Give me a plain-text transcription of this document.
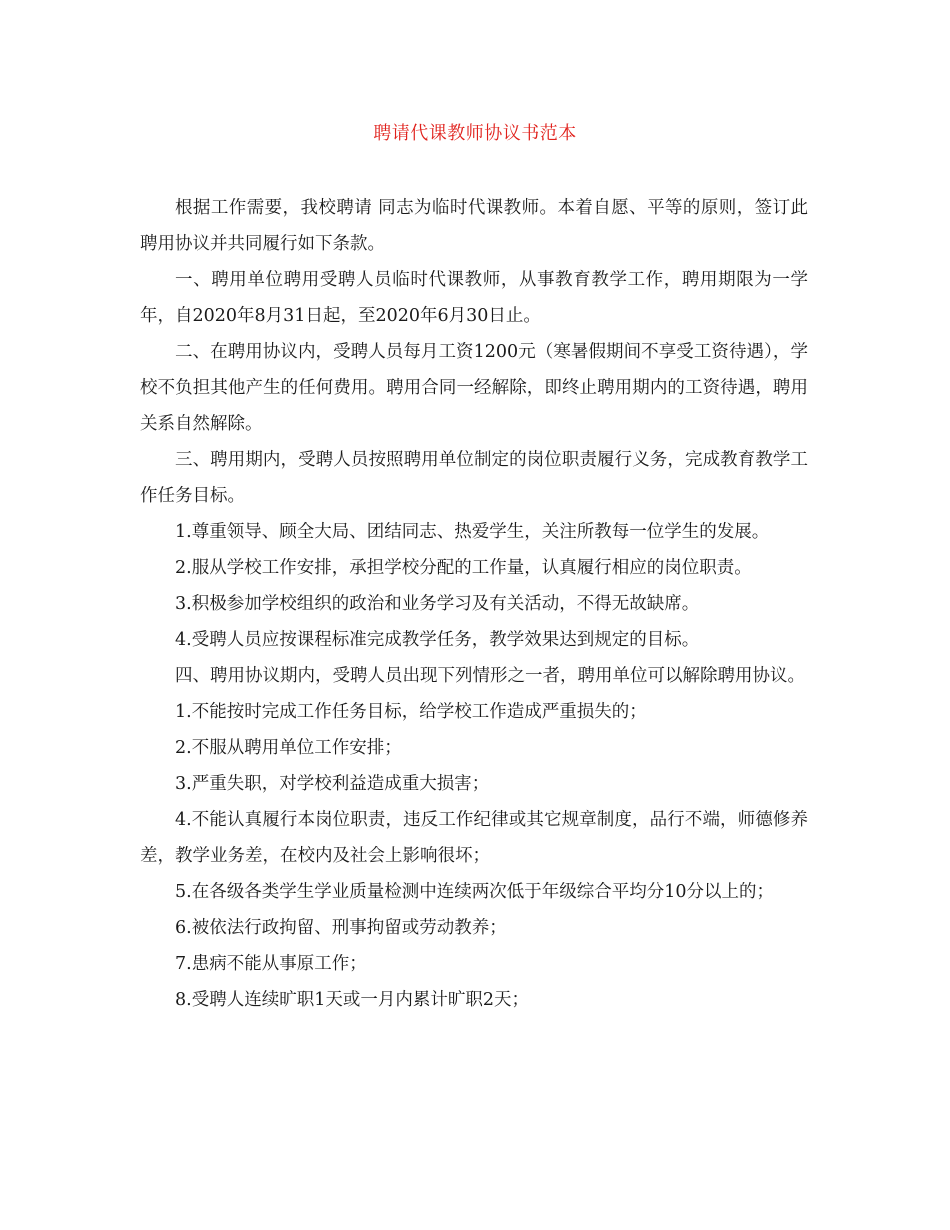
聘请代课教师协议书范本

根据工作需要，我校聘请 同志为临时代课教师。本着自愿、平等的原则，签订此聘用协议并共同履行如下条款。

一、聘用单位聘用受聘人员临时代课教师，从事教育教学工作，聘用期限为一学年，自2020年8月31日起，至2020年6月30日止。

二、在聘用协议内，受聘人员每月工资1200元（寒暑假期间不享受工资待遇），学校不负担其他产生的任何费用。聘用合同一经解除，即终止聘用期内的工资待遇，聘用关系自然解除。

三、聘用期内，受聘人员按照聘用单位制定的岗位职责履行义务，完成教育教学工作任务目标。

1.尊重领导、顾全大局、团结同志、热爱学生，关注所教每一位学生的发展。

2.服从学校工作安排，承担学校分配的工作量，认真履行相应的岗位职责。

3.积极参加学校组织的政治和业务学习及有关活动，不得无故缺席。

4.受聘人员应按课程标准完成教学任务，教学效果达到规定的目标。

四、聘用协议期内，受聘人员出现下列情形之一者，聘用单位可以解除聘用协议。

1.不能按时完成工作任务目标，给学校工作造成严重损失的；

2.不服从聘用单位工作安排；

3.严重失职，对学校利益造成重大损害；

4.不能认真履行本岗位职责，违反工作纪律或其它规章制度，品行不端，师德修养差，教学业务差，在校内及社会上影响很坏；

5.在各级各类学生学业质量检测中连续两次低于年级综合平均分10分以上的；

6.被依法行政拘留、刑事拘留或劳动教养；

7.患病不能从事原工作；

8.受聘人连续旷职1天或一月内累计旷职2天；
